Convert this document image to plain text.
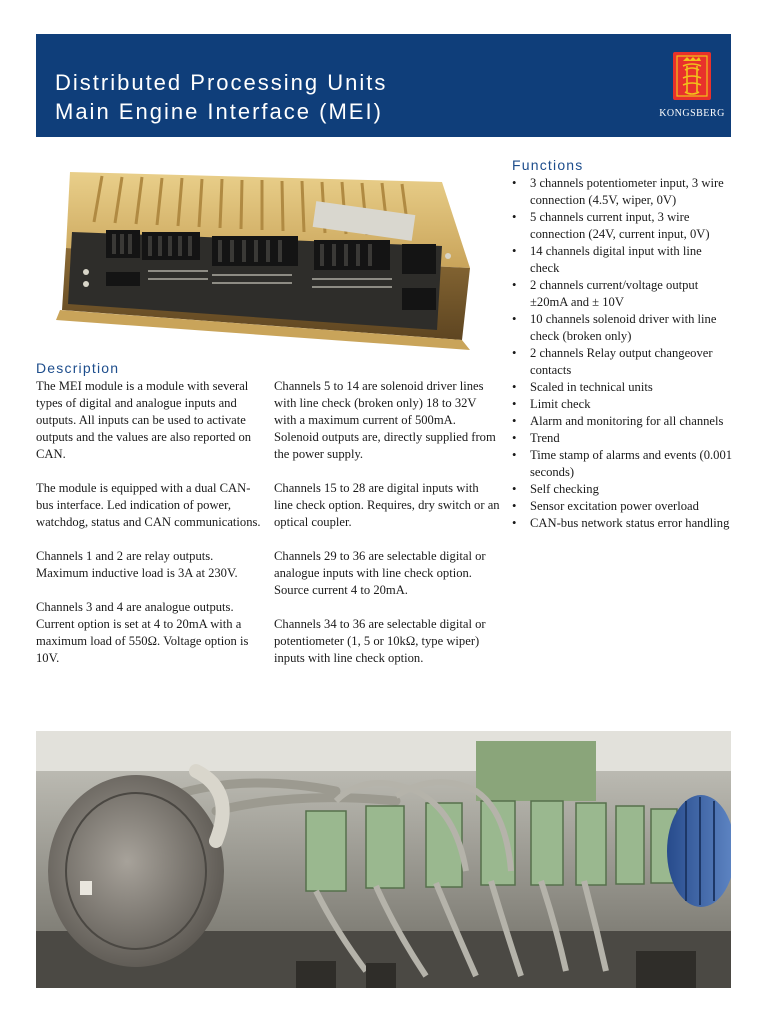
Distributed Processing Units
Main Engine Interface (MEI)	KONGSBERG
Description

The MEI module is a module with several types of digital and analogue inputs and outputs. All inputs can be used to activate outputs and the values are also reported on CAN.

The module is equipped with a dual CAN-bus interface. Led indication of power, watchdog, status and CAN communications.

Channels 1 and 2 are relay outputs. Maximum inductive load is 3A at 230V.

Channels 3 and 4 are analogue outputs. Current option is set at 4 to 20mA with a maximum load of 550Ω. Voltage option is 10V.

Channels 5 to 14 are solenoid driver lines with line check (broken only) 18 to 32V with a maximum current of 500mA. Solenoid outputs are, directly supplied from the power supply.

Channels 15 to 28 are digital inputs with line check option. Requires, dry switch or an optical coupler.

Channels 29 to 36 are selectable digital or analogue inputs with line check option. Source current 4 to 20mA.

Channels 34 to 36 are selectable digital or potentiometer (1, 5 or 10kΩ, type wiper) inputs with line check option.

Functions
• 3 channels potentiometer input, 3 wire connection (4.5V, wiper, 0V)
• 5 channels current input, 3 wire connection (24V, current input, 0V)
• 14 channels digital input with line check
• 2 channels current/voltage output ±20mA and ± 10V
• 10 channels solenoid driver with line check (broken only)
• 2 channels Relay output changeover contacts
• Scaled in technical units
• Limit check
• Alarm and monitoring for all channels
• Trend
• Time stamp of alarms and events (0.001 seconds)
• Self checking
• Sensor excitation power overload
• CAN-bus network status error handling
